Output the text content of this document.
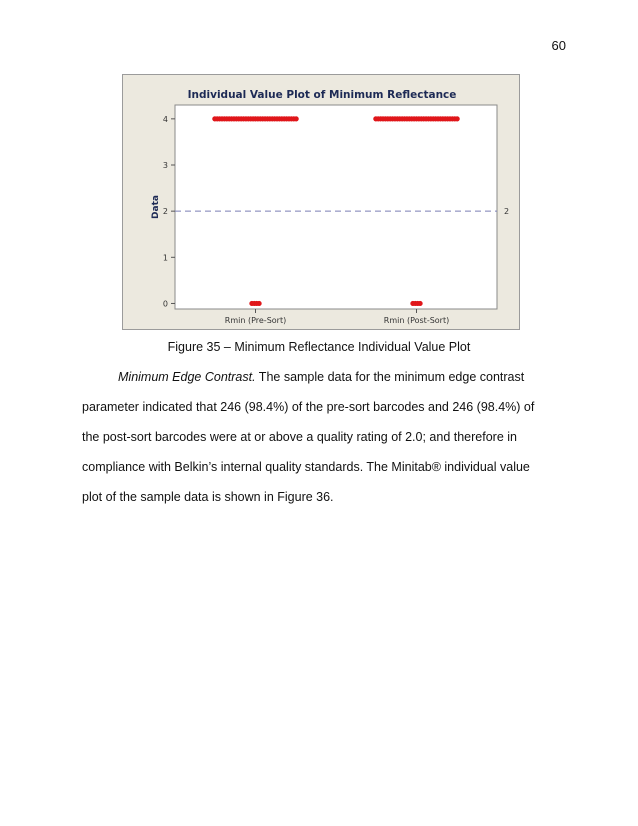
60
Individual Value Plot of Minimum Reflectance
Data
0
1
2
3
4
Rmin (Pre-Sort)	Rmin (Post-Sort)
2
Figure 35 – Minimum Reflectance Individual Value Plot

Minimum Edge Contrast. The sample data for the minimum edge contrast

parameter indicated that 246 (98.4%) of the pre-sort barcodes and 246 (98.4%) of

the post-sort barcodes were at or above a quality rating of 2.0; and therefore in

compliance with Belkin’s internal quality standards. The Minitab® individual value

plot of the sample data is shown in Figure 36.
